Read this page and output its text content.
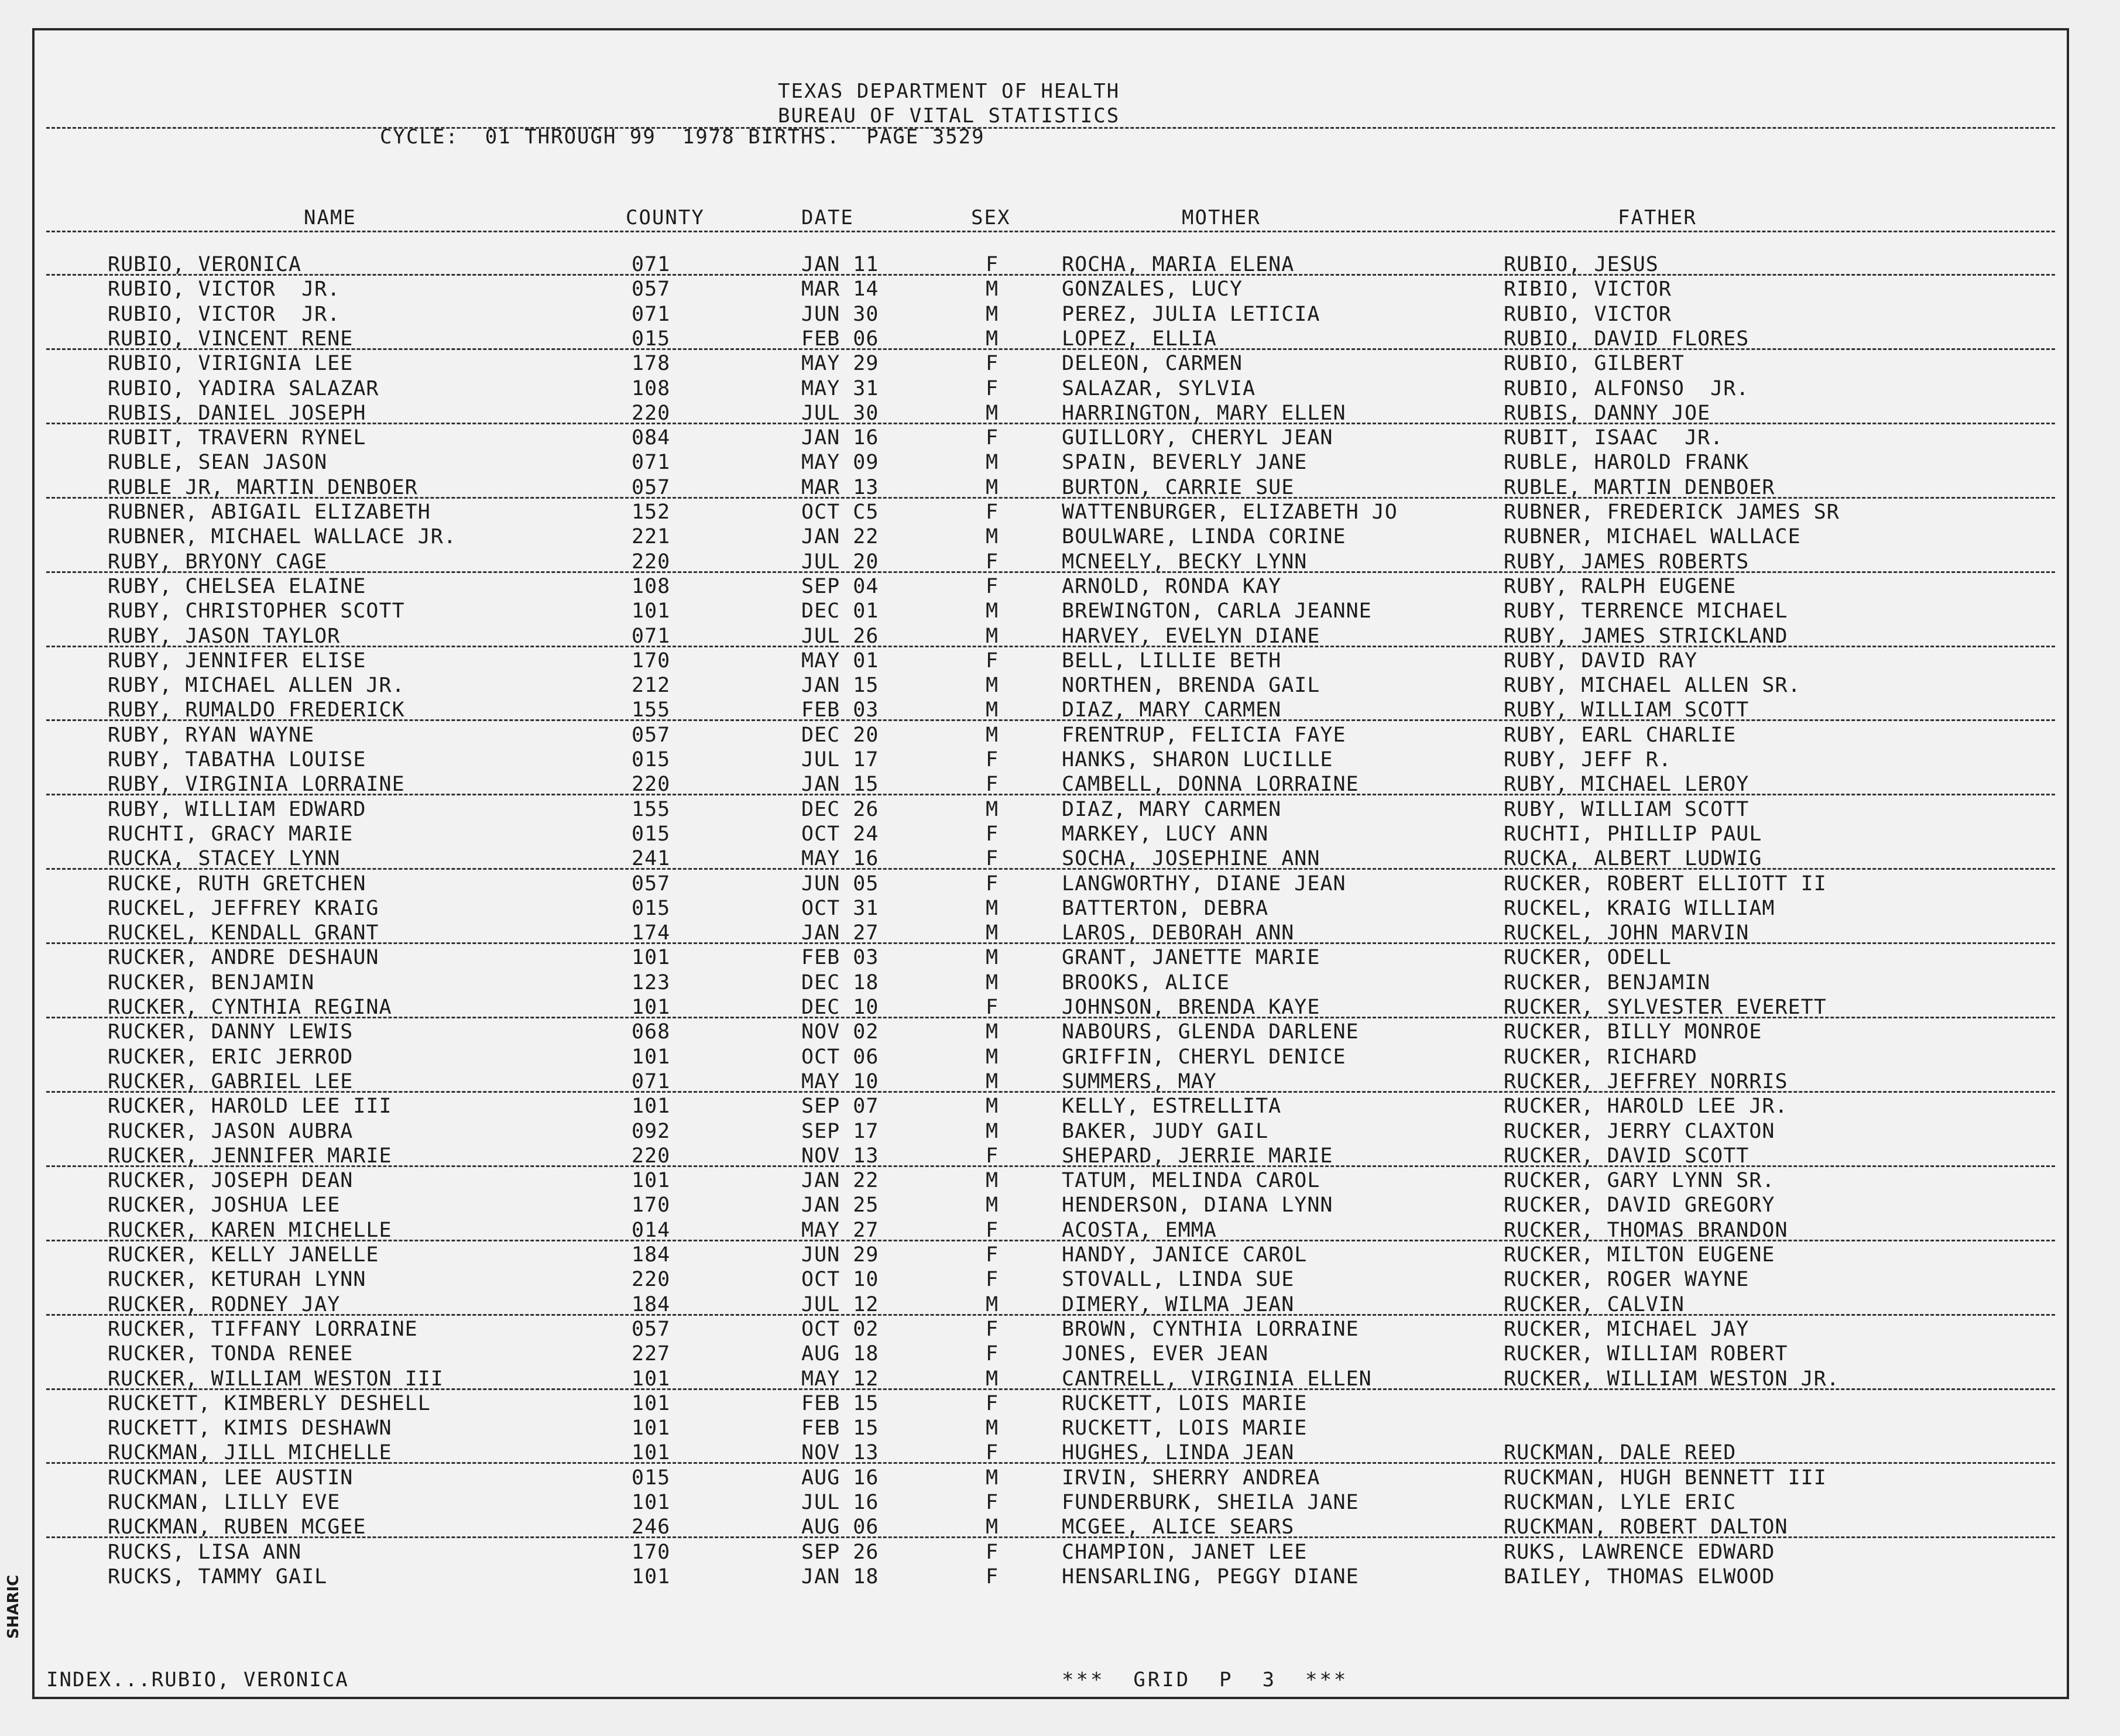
SHARIC
TEXAS DEPARTMENT OF HEALTH
BUREAU OF VITAL STATISTICS
CYCLE:  01 THROUGH 99  1978 BIRTHS.  PAGE 3529
NAME	COUNTY	DATE	SEX	MOTHER	FATHER
RUBIO, VERONICA	071	JAN 11	F	ROCHA, MARIA ELENA	RUBIO, JESUS
RUBIO, VICTOR  JR.	057	MAR 14	M	GONZALES, LUCY	RIBIO, VICTOR
RUBIO, VICTOR  JR.	071	JUN 30	M	PEREZ, JULIA LETICIA	RUBIO, VICTOR
RUBIO, VINCENT RENE	015	FEB 06	M	LOPEZ, ELLIA	RUBIO, DAVID FLORES
RUBIO, VIRIGNIA LEE	178	MAY 29	F	DELEON, CARMEN	RUBIO, GILBERT
RUBIO, YADIRA SALAZAR	108	MAY 31	F	SALAZAR, SYLVIA	RUBIO, ALFONSO  JR.
RUBIS, DANIEL JOSEPH	220	JUL 30	M	HARRINGTON, MARY ELLEN	RUBIS, DANNY JOE
RUBIT, TRAVERN RYNEL	084	JAN 16	F	GUILLORY, CHERYL JEAN	RUBIT, ISAAC  JR.
RUBLE, SEAN JASON	071	MAY 09	M	SPAIN, BEVERLY JANE	RUBLE, HAROLD FRANK
RUBLE JR, MARTIN DENBOER	057	MAR 13	M	BURTON, CARRIE SUE	RUBLE, MARTIN DENBOER
RUBNER, ABIGAIL ELIZABETH	152	OCT C5	F	WATTENBURGER, ELIZABETH JO	RUBNER, FREDERICK JAMES SR
RUBNER, MICHAEL WALLACE JR.	221	JAN 22	M	BOULWARE, LINDA CORINE	RUBNER, MICHAEL WALLACE
RUBY, BRYONY CAGE	220	JUL 20	F	MCNEELY, BECKY LYNN	RUBY, JAMES ROBERTS
RUBY, CHELSEA ELAINE	108	SEP 04	F	ARNOLD, RONDA KAY	RUBY, RALPH EUGENE
RUBY, CHRISTOPHER SCOTT	101	DEC 01	M	BREWINGTON, CARLA JEANNE	RUBY, TERRENCE MICHAEL
RUBY, JASON TAYLOR	071	JUL 26	M	HARVEY, EVELYN DIANE	RUBY, JAMES STRICKLAND
RUBY, JENNIFER ELISE	170	MAY 01	F	BELL, LILLIE BETH	RUBY, DAVID RAY
RUBY, MICHAEL ALLEN JR.	212	JAN 15	M	NORTHEN, BRENDA GAIL	RUBY, MICHAEL ALLEN SR.
RUBY, RUMALDO FREDERICK	155	FEB 03	M	DIAZ, MARY CARMEN	RUBY, WILLIAM SCOTT
RUBY, RYAN WAYNE	057	DEC 20	M	FRENTRUP, FELICIA FAYE	RUBY, EARL CHARLIE
RUBY, TABATHA LOUISE	015	JUL 17	F	HANKS, SHARON LUCILLE	RUBY, JEFF R.
RUBY, VIRGINIA LORRAINE	220	JAN 15	F	CAMBELL, DONNA LORRAINE	RUBY, MICHAEL LEROY
RUBY, WILLIAM EDWARD	155	DEC 26	M	DIAZ, MARY CARMEN	RUBY, WILLIAM SCOTT
RUCHTI, GRACY MARIE	015	OCT 24	F	MARKEY, LUCY ANN	RUCHTI, PHILLIP PAUL
RUCKA, STACEY LYNN	241	MAY 16	F	SOCHA, JOSEPHINE ANN	RUCKA, ALBERT LUDWIG
RUCKE, RUTH GRETCHEN	057	JUN 05	F	LANGWORTHY, DIANE JEAN	RUCKER, ROBERT ELLIOTT II
RUCKEL, JEFFREY KRAIG	015	OCT 31	M	BATTERTON, DEBRA	RUCKEL, KRAIG WILLIAM
RUCKEL, KENDALL GRANT	174	JAN 27	M	LAROS, DEBORAH ANN	RUCKEL, JOHN MARVIN
RUCKER, ANDRE DESHAUN	101	FEB 03	M	GRANT, JANETTE MARIE	RUCKER, ODELL
RUCKER, BENJAMIN	123	DEC 18	M	BROOKS, ALICE	RUCKER, BENJAMIN
RUCKER, CYNTHIA REGINA	101	DEC 10	F	JOHNSON, BRENDA KAYE	RUCKER, SYLVESTER EVERETT
RUCKER, DANNY LEWIS	068	NOV 02	M	NABOURS, GLENDA DARLENE	RUCKER, BILLY MONROE
RUCKER, ERIC JERROD	101	OCT 06	M	GRIFFIN, CHERYL DENICE	RUCKER, RICHARD
RUCKER, GABRIEL LEE	071	MAY 10	M	SUMMERS, MAY	RUCKER, JEFFREY NORRIS
RUCKER, HAROLD LEE III	101	SEP 07	M	KELLY, ESTRELLITA	RUCKER, HAROLD LEE JR.
RUCKER, JASON AUBRA	092	SEP 17	M	BAKER, JUDY GAIL	RUCKER, JERRY CLAXTON
RUCKER, JENNIFER MARIE	220	NOV 13	F	SHEPARD, JERRIE MARIE	RUCKER, DAVID SCOTT
RUCKER, JOSEPH DEAN	101	JAN 22	M	TATUM, MELINDA CAROL	RUCKER, GARY LYNN SR.
RUCKER, JOSHUA LEE	170	JAN 25	M	HENDERSON, DIANA LYNN	RUCKER, DAVID GREGORY
RUCKER, KAREN MICHELLE	014	MAY 27	F	ACOSTA, EMMA	RUCKER, THOMAS BRANDON
RUCKER, KELLY JANELLE	184	JUN 29	F	HANDY, JANICE CAROL	RUCKER, MILTON EUGENE
RUCKER, KETURAH LYNN	220	OCT 10	F	STOVALL, LINDA SUE	RUCKER, ROGER WAYNE
RUCKER, RODNEY JAY	184	JUL 12	M	DIMERY, WILMA JEAN	RUCKER, CALVIN
RUCKER, TIFFANY LORRAINE	057	OCT 02	F	BROWN, CYNTHIA LORRAINE	RUCKER, MICHAEL JAY
RUCKER, TONDA RENEE	227	AUG 18	F	JONES, EVER JEAN	RUCKER, WILLIAM ROBERT
RUCKER, WILLIAM WESTON III	101	MAY 12	M	CANTRELL, VIRGINIA ELLEN	RUCKER, WILLIAM WESTON JR.
RUCKETT, KIMBERLY DESHELL	101	FEB 15	F	RUCKETT, LOIS MARIE
RUCKETT, KIMIS DESHAWN	101	FEB 15	M	RUCKETT, LOIS MARIE
RUCKMAN, JILL MICHELLE	101	NOV 13	F	HUGHES, LINDA JEAN	RUCKMAN, DALE REED
RUCKMAN, LEE AUSTIN	015	AUG 16	M	IRVIN, SHERRY ANDREA	RUCKMAN, HUGH BENNETT III
RUCKMAN, LILLY EVE	101	JUL 16	F	FUNDERBURK, SHEILA JANE	RUCKMAN, LYLE ERIC
RUCKMAN, RUBEN MCGEE	246	AUG 06	M	MCGEE, ALICE SEARS	RUCKMAN, ROBERT DALTON
RUCKS, LISA ANN	170	SEP 26	F	CHAMPION, JANET LEE	RUKS, LAWRENCE EDWARD
RUCKS, TAMMY GAIL	101	JAN 18	F	HENSARLING, PEGGY DIANE	BAILEY, THOMAS ELWOOD
INDEX...RUBIO, VERONICA	***  GRID  P  3  ***
